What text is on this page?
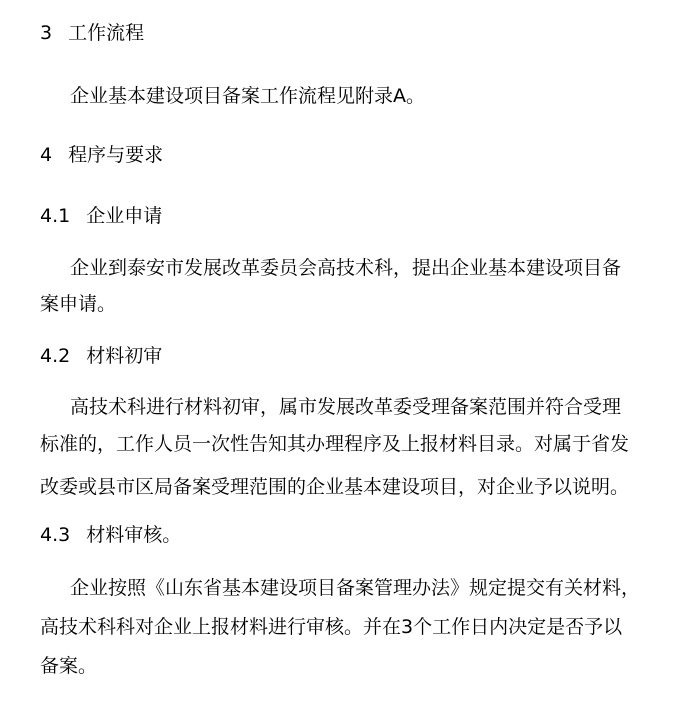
3 工作流程

企业基本建设项目备案工作流程见附录A。

4 程序与要求

4.1 企业申请

企业到泰安市发展改革委员会高技术科，提出企业基本建设项目备

案申请。

4.2 材料初审

高技术科进行材料初审，属市发展改革委受理备案范围并符合受理

标准的，工作人员一次性告知其办理程序及上报材料目录。对属于省发

改委或县市区局备案受理范围的企业基本建设项目，对企业予以说明。

4.3 材料审核。

企业按照《山东省基本建设项目备案管理办法》规定提交有关材料，

高技术科科对企业上报材料进行审核。并在3个工作日内决定是否予以

备案。
